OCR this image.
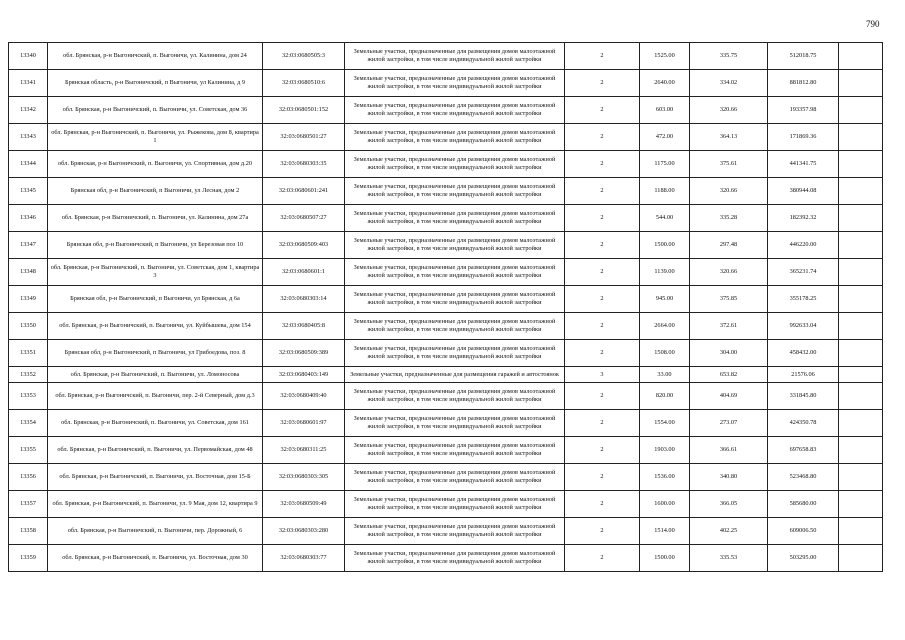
790
13340	обл. Брянская, р-н Выгоничский, п. Выгоничи, ул. Калинина, дом 24	32:03:0680505:3	Земельные участки, предназначенные для размещения домов малоэтажной жилой застройки, в том числе индивидуальной жилой застройки	2	1525.00	335.75	512018.75	
13341	Брянская область, р-н Выгоничский, п Выгоничи, ул Калинина, д 9	32:03:0680510:6	Земельные участки, предназначенные для размещения домов малоэтажной жилой застройки, в том числе индивидуальной жилой застройки	2	2640.00	334.02	881812.80	
13342	обл. Брянская, р-н Выгоничский, п. Выгоничи, ул. Советская, дом 36	32:03:0680501:152	Земельные участки, предназначенные для размещения домов малоэтажной жилой застройки, в том числе индивидуальной жилой застройки	2	603.00	320.66	193357.98	
13343	обл. Брянская, р-н Выгоничский, п. Выгоничи, ул. Рыжекова, дом 8, квартира 1	32:03:0680501:27	Земельные участки, предназначенные для размещения домов малоэтажной жилой застройки, в том числе индивидуальной жилой застройки	2	472.00	364.13	171869.36	
13344	обл. Брянская, р-н Выгоничский, п. Выгоничи, ул. Спортивная, дом д.20	32:03:0680303:35	Земельные участки, предназначенные для размещения домов малоэтажной жилой застройки, в том числе индивидуальной жилой застройки	2	1175.00	375.61	441341.75	
13345	Брянская обл, р-н Выгоничский, п Выгоничи, ул Лесная, дом 2	32:03:0680601:241	Земельные участки, предназначенные для размещения домов малоэтажной жилой застройки, в том числе индивидуальной жилой застройки	2	1188.00	320.66	380944.08	
13346	обл. Брянская, р-н Выгоничский, п. Выгоничи, ул. Калинина, дом 27а	32:03:0680507:27	Земельные участки, предназначенные для размещения домов малоэтажной жилой застройки, в том числе индивидуальной жилой застройки	2	544.00	335.28	182392.32	
13347	Брянская обл, р-н Выгоничский, п Выгоничи, ул Березовая поз 10	32:03:0680509:403	Земельные участки, предназначенные для размещения домов малоэтажной жилой застройки, в том числе индивидуальной жилой застройки	2	1500.00	297.48	446220.00	
13348	обл. Брянская, р-н Выгоничский, п. Выгоничи, ул. Советская, дом 1, квартира 3	32:03:0680601:1	Земельные участки, предназначенные для размещения домов малоэтажной жилой застройки, в том числе индивидуальной жилой застройки	2	1139.00	320.66	365231.74	
13349	Брянская обл, р-н Выгоничский, п Выгоничи, ул Брянская, д 6а	32:03:0680303:14	Земельные участки, предназначенные для размещения домов малоэтажной жилой застройки, в том числе индивидуальной жилой застройки	2	945.00	375.85	355178.25	
13350	обл. Брянская, р-н Выгоничский, п. Выгоничи, ул. Куйбышева, дом 154	32:03:0680405:8	Земельные участки, предназначенные для размещения домов малоэтажной жилой застройки, в том числе индивидуальной жилой застройки	2	2664.00	372.61	992633.04	
13351	Брянская обл, р-н Выгоничский, п Выгоничи, ул Грибоедова, поз. 8	32:03:0680509:389	Земельные участки, предназначенные для размещения домов малоэтажной жилой застройки, в том числе индивидуальной жилой застройки	2	1508.00	304.00	458432.00	
13352	обл. Брянская, р-н Выгоничский, п. Выгоничи, ул. Ломоносова	32:03:0680403:149	Земельные участки, предназначенные для размещения гаражей и автостоянок	3	33.00	653.82	21576.06	
13353	обл. Брянская, р-н Выгоничский, п. Выгоничи, пер. 2-й Северный, дом д.3	32:03:0680409:40	Земельные участки, предназначенные для размещения домов малоэтажной жилой застройки, в том числе индивидуальной жилой застройки	2	820.00	404.69	331845.80	
13354	обл. Брянская, р-н Выгоничский, п. Выгоничи, ул. Советская, дом 161	32:03:0680601:97	Земельные участки, предназначенные для размещения домов малоэтажной жилой застройки, в том числе индивидуальной жилой застройки	2	1554.00	273.07	424350.78	
13355	обл. Брянская, р-н Выгоничский, п. Выгоничи, ул. Первомайская, дом 48	32:03:0680311:25	Земельные участки, предназначенные для размещения домов малоэтажной жилой застройки, в том числе индивидуальной жилой застройки	2	1903.00	366.61	697658.83	
13356	обл. Брянская, р-н Выгоничский, п. Выгоничи, ул. Восточная, дом 15-Б	32:03:0680303:305	Земельные участки, предназначенные для размещения домов малоэтажной жилой застройки, в том числе индивидуальной жилой застройки	2	1536.00	340.80	523468.80	
13357	обл. Брянская, р-н Выгоничский, п. Выгоничи, ул. 9 Мая, дом 12, квартира 9	32:03:0680509:49	Земельные участки, предназначенные для размещения домов малоэтажной жилой застройки, в том числе индивидуальной жилой застройки	2	1600.00	366.05	585680.00	
13358	обл. Брянская, р-н Выгоничский, п. Выгоничи, пер. Дорожный, 6	32:03:0680303:280	Земельные участки, предназначенные для размещения домов малоэтажной жилой застройки, в том числе индивидуальной жилой застройки	2	1514.00	402.25	609006.50	
13359	обл. Брянская, р-н Выгоничский, п. Выгоничи, ул. Восточная, дом 30	32:03:0680303:77	Земельные участки, предназначенные для размещения домов малоэтажной жилой застройки, в том числе индивидуальной жилой застройки	2	1500.00	335.53	503295.00	
